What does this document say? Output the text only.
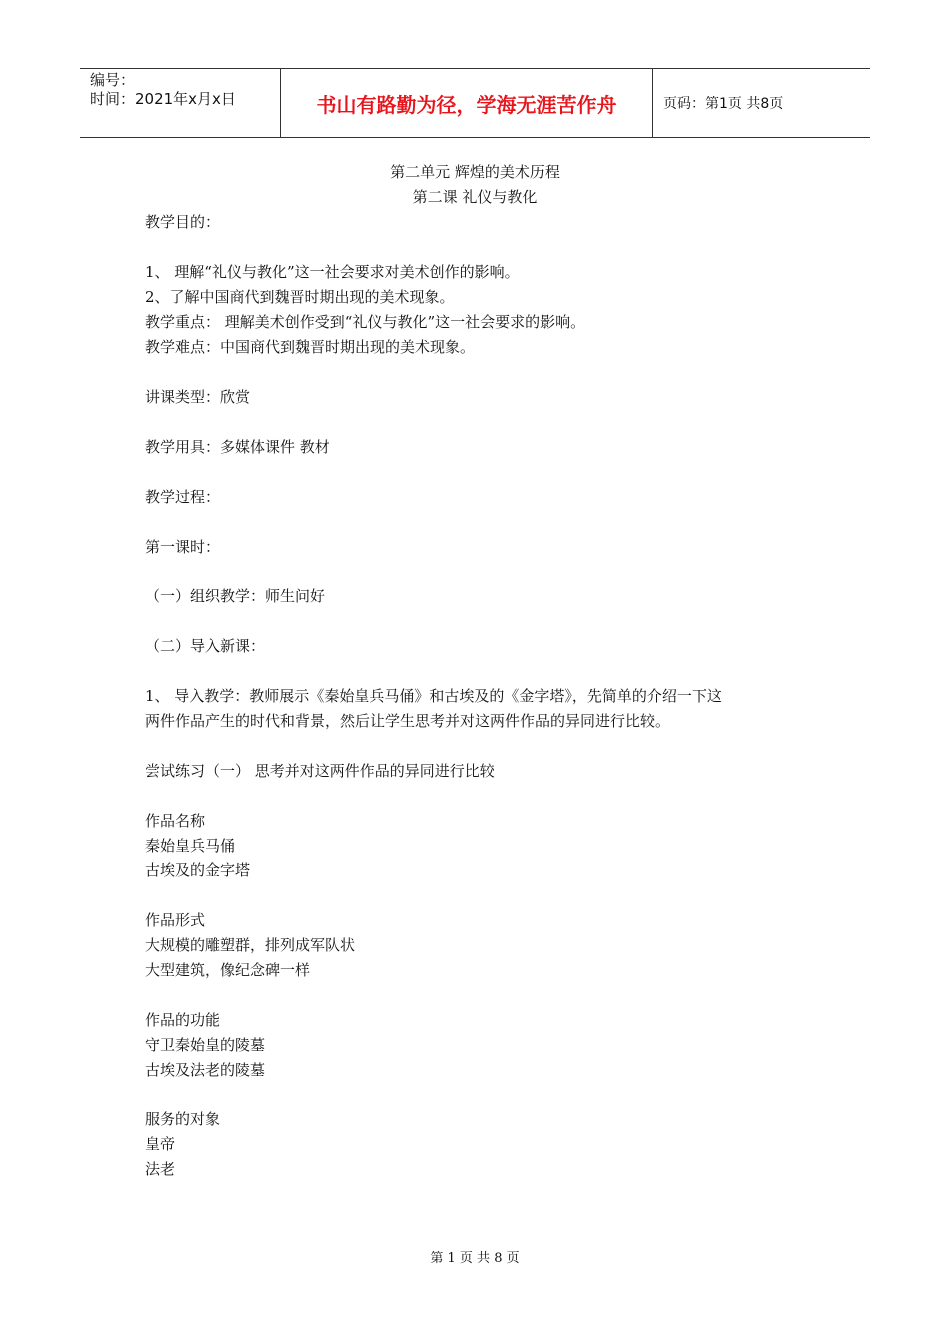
编号：
时间：2021年x月x日	书山有路勤为径，学海无涯苦作舟	页码：第1页 共8页
第二单元 辉煌的美术历程
第二课 礼仪与教化
教学目的：
1、 理解“礼仪与教化”这一社会要求对美术创作的影响。
2、了解中国商代到魏晋时期出现的美术现象。
教学重点： 理解美术创作受到“礼仪与教化”这一社会要求的影响。
教学难点：中国商代到魏晋时期出现的美术现象。
讲课类型：欣赏
教学用具：多媒体课件 教材
教学过程：
第一课时：
（一）组织教学：师生问好
（二）导入新课：
1、 导入教学：教师展示《秦始皇兵马俑》和古埃及的《金字塔》，先简单的介绍一下这
两件作品产生的时代和背景，然后让学生思考并对这两件作品的异同进行比较。
尝试练习（一） 思考并对这两件作品的异同进行比较
作品名称
秦始皇兵马俑
古埃及的金字塔
作品形式
大规模的雕塑群，排列成军队状
大型建筑，像纪念碑一样
作品的功能
守卫秦始皇的陵墓
古埃及法老的陵墓
服务的对象
皇帝
法老
第 1 页 共 8 页
